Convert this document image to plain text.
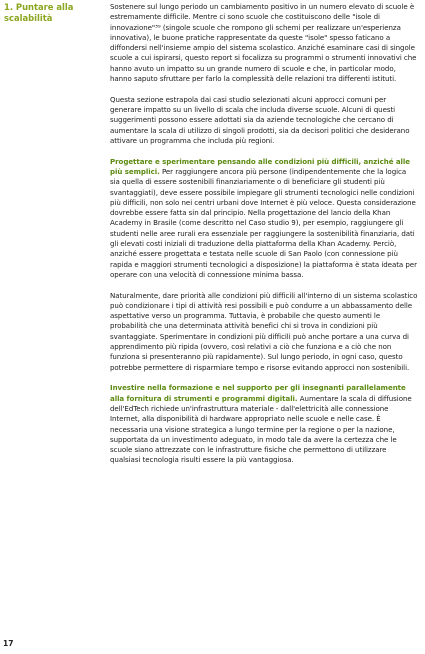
1. Puntare alla scalabilità

Sostenere sul lungo periodo un cambiamento positivo in un numero elevato di scuole è estremamente difficile. Mentre ci sono scuole che costituiscono delle "isole di innovazione"³⁹ (singole scuole che rompono gli schemi per realizzare un'esperienza innovativa), le buone pratiche rappresentate da queste "isole" spesso faticano a diffondersi nell'insieme ampio del sistema scolastico. Anziché esaminare casi di singole scuole a cui ispirarsi, questo report si focalizza su programmi o strumenti innovativi che hanno avuto un impatto su un grande numero di scuole e che, in particolar modo, hanno saputo sfruttare per farlo la complessità delle relazioni tra differenti istituti.

Questa sezione estrapola dai casi studio selezionati alcuni approcci comuni per generare impatto su un livello di scala che includa diverse scuole. Alcuni di questi suggerimenti possono essere adottati sia da aziende tecnologiche che cercano di aumentare la scala di utilizzo di singoli prodotti, sia da decisori politici che desiderano attivare un programma che includa più regioni.

Progettare e sperimentare pensando alle condizioni più difficili, anziché alle più semplici. Per raggiungere ancora più persone (indipendentemente che la logica sia quella di essere sostenibili finanziariamente o di beneficiare gli studenti più svantaggiati), deve essere possibile impiegare gli strumenti tecnologici nelle condizioni più difficili, non solo nei centri urbani dove Internet è più veloce. Questa considerazione dovrebbe essere fatta sin dal principio. Nella progettazione del lancio della Khan Academy in Brasile (come descritto nel Caso studio 9), per esempio, raggiungere gli studenti nelle aree rurali era essenziale per raggiungere la sostenibilità finanziaria, dati gli elevati costi iniziali di traduzione della piattaforma della Khan Academy. Perciò, anziché essere progettata e testata nelle scuole di San Paolo (con connessione più rapida e maggiori strumenti tecnologici a disposizione) la piattaforma è stata ideata per operare con una velocità di connessione minima bassa.

Naturalmente, dare priorità alle condizioni più difficili all'interno di un sistema scolastico può condizionare i tipi di attività resi possibili e può condurre a un abbassamento delle aspettative verso un programma. Tuttavia, è probabile che questo aumenti le probabilità che una determinata attività benefici chi si trova in condizioni più svantaggiate. Sperimentare in condizioni più difficili può anche portare a una curva di apprendimento più ripida (ovvero, così relativi a ciò che funziona e a ciò che non funziona si presenteranno più rapidamente). Sul lungo periodo, in ogni caso, questo potrebbe permettere di risparmiare tempo e risorse evitando approcci non sostenibili.

Investire nella formazione e nel supporto per gli insegnanti parallelamente alla fornitura di strumenti e programmi digitali. Aumentare la scala di diffusione dell'EdTech richiede un'infrastruttura materiale - dall'elettricità alle connessione Internet, alla disponibilità di hardware appropriato nelle scuole e nelle case. È necessaria una visione strategica a lungo termine per la regione o per la nazione, supportata da un investimento adeguato, in modo tale da avere la certezza che le scuole siano attrezzate con le infrastrutture fisiche che permettono di utilizzare qualsiasi tecnologia risulti essere la più vantaggiosa.

17
